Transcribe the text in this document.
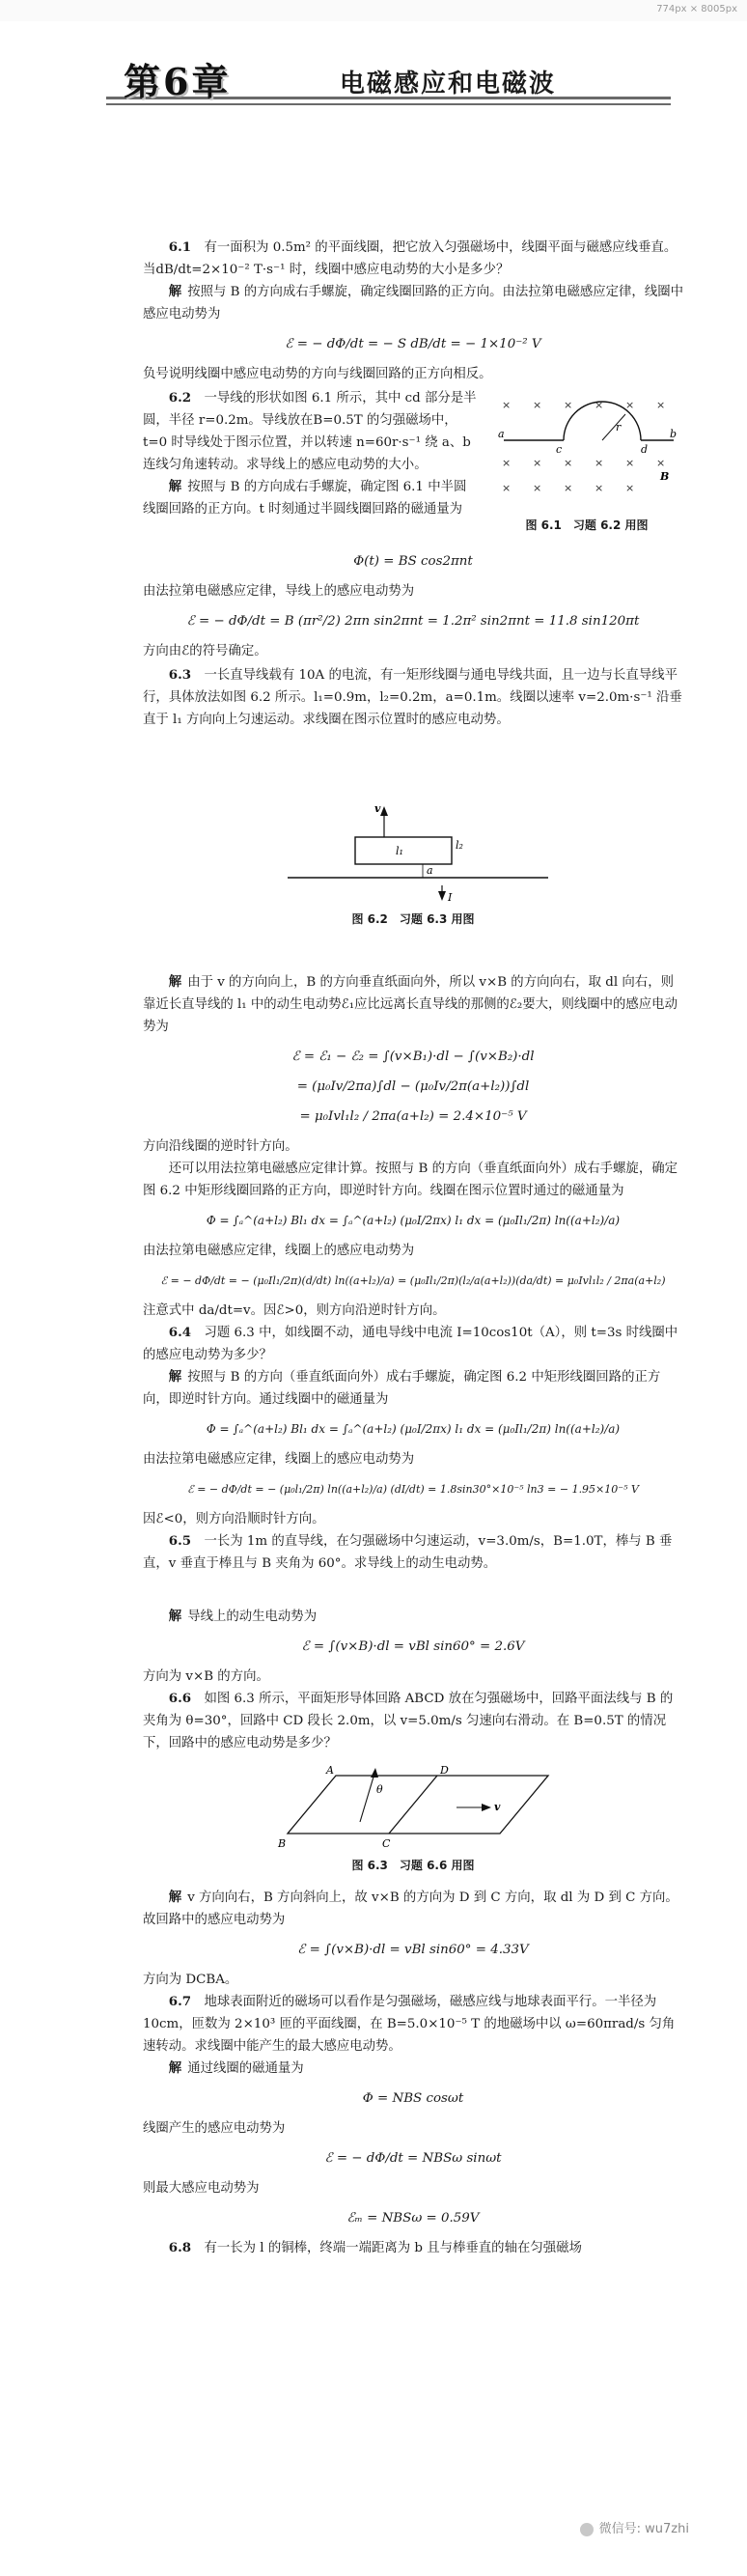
774px × 8005px
第6章	电磁感应和电磁波

6.1　 有一面积为 0.5m² 的平面线圈，把它放入匀强磁场中，线圈平面与磁感应线垂直。当dB/dt=2×10⁻² T·s⁻¹ 时，线圈中感应电动势的大小是多少？

解 按照与 B 的方向成右手螺旋，确定线圈回路的正方向。由法拉第电磁感应定律，线圈中感应电动势为

ℰ = − dΦ/dt = − S dB/dt = − 1×10⁻² V

负号说明线圈中感应电动势的方向与线圈回路的正方向相反。

6.2　 一导线的形状如图 6.1 所示，其中 cd 部分是半圆，半径 r=0.2m。导线放在B=0.5T 的匀强磁场中，t=0 时导线处于图示位置，并以转速 n=60r·s⁻¹ 绕 a、b 连线匀角速转动。求导线上的感应电动势的大小。

解 按照与 B 的方向成右手螺旋，确定图 6.1 中半圆线圈回路的正方向。t 时刻通过半圆线圈回路的磁通量为

× × × × × ×
× × × × × ×
× × × × ×
a	b
c	d
r
B
图 6.1　习题 6.2 用图
Φ(t) = BS cos2πnt

由法拉第电磁感应定律，导线上的感应电动势为

ℰ = − dΦ/dt = B (πr²/2) 2πn sin2πnt = 1.2π² sin2πnt = 11.8 sin120πt

方向由ℰ的符号确定。

6.3　 一长直导线载有 10A 的电流，有一矩形线圈与通电导线共面，且一边与长直导线平行，具体放法如图 6.2 所示。l₁=0.9m，l₂=0.2m，a=0.1m。线圈以速率 v=2.0m·s⁻¹ 沿垂直于 l₁ 方向向上匀速运动。求线圈在图示位置时的感应电动势。

v
l₁	l₂
a
I
图 6.2　习题 6.3 用图

解 由于 v 的方向向上，B 的方向垂直纸面向外，所以 v×B 的方向向右，取 dl 向右，则靠近长直导线的 l₁ 中的动生电动势ℰ₁应比远离长直导线的那侧的ℰ₂要大，则线圈中的感应电动势为

ℰ = ℰ₁ − ℰ₂ = ∫(v×B₁)·dl − ∫(v×B₂)·dl
= (μ₀Iv/2πa)∫dl − (μ₀Iv/2π(a+l₂))∫dl
= μ₀Ivl₁l₂ / 2πa(a+l₂) = 2.4×10⁻⁵ V

方向沿线圈的逆时针方向。

还可以用法拉第电磁感应定律计算。按照与 B 的方向（垂直纸面向外）成右手螺旋，确定图 6.2 中矩形线圈回路的正方向，即逆时针方向。线圈在图示位置时通过的磁通量为

Φ = ∫ₐ^(a+l₂) Bl₁ dx = ∫ₐ^(a+l₂) (μ₀I/2πx) l₁ dx = (μ₀Il₁/2π) ln((a+l₂)/a)

由法拉第电磁感应定律，线圈上的感应电动势为

ℰ = − dΦ/dt = − (μ₀Il₁/2π)(d/dt) ln((a+l₂)/a) = (μ₀Il₁/2π)(l₂/a(a+l₂))(da/dt) = μ₀Ivl₁l₂ / 2πa(a+l₂)

注意式中 da/dt=v。因ℰ>0，则方向沿逆时针方向。

6.4　 习题 6.3 中，如线圈不动，通电导线中电流 I=10cos10t（A），则 t=3s 时线圈中的感应电动势为多少？

解 按照与 B 的方向（垂直纸面向外）成右手螺旋，确定图 6.2 中矩形线圈回路的正方向，即逆时针方向。通过线圈中的磁通量为

Φ = ∫ₐ^(a+l₂) Bl₁ dx = ∫ₐ^(a+l₂) (μ₀I/2πx) l₁ dx = (μ₀Il₁/2π) ln((a+l₂)/a)

由法拉第电磁感应定律，线圈上的感应电动势为

ℰ = − dΦ/dt = − (μ₀l₁/2π) ln((a+l₂)/a) (dI/dt) = 1.8sin30°×10⁻⁵ ln3 = − 1.95×10⁻⁵ V

因ℰ<0，则方向沿顺时针方向。

6.5　 一长为 1m 的直导线，在匀强磁场中匀速运动，v=3.0m/s，B=1.0T，棒与 B 垂直，v 垂直于棒且与 B 夹角为 60°。求导线上的动生电动势。

解 导线上的动生电动势为

ℰ = ∫(v×B)·dl = vBl sin60° = 2.6V

方向为 v×B 的方向。

6.6　 如图 6.3 所示，平面矩形导体回路 ABCD 放在匀强磁场中，回路平面法线与 B 的夹角为 θ=30°，回路中 CD 段长 2.0m，以 v=5.0m/s 匀速向右滑动。在 B=0.5T 的情况下，回路中的感应电动势是多少？

A
B	C
D
θ
v
图 6.3　习题 6.6 用图

解 v 方向向右，B 方向斜向上，故 v×B 的方向为 D 到 C 方向，取 dl 为 D 到 C 方向。故回路中的感应电动势为

ℰ = ∫(v×B)·dl = vBl sin60° = 4.33V

方向为 DCBA。

6.7　 地球表面附近的磁场可以看作是匀强磁场，磁感应线与地球表面平行。一半径为 10cm，匝数为 2×10³ 匝的平面线圈，在 B=5.0×10⁻⁵ T 的地磁场中以 ω=60πrad/s 匀角速转动。求线圈中能产生的最大感应电动势。

解 通过线圈的磁通量为

Φ = NBS cosωt

线圈产生的感应电动势为

ℰ = − dΦ/dt = NBSω sinωt

则最大感应电动势为

ℰₘ = NBSω = 0.59V

6.8　 有一长为 l 的铜棒，终端一端距离为 b 且与棒垂直的轴在匀强磁场

微信号: wu7zhi
